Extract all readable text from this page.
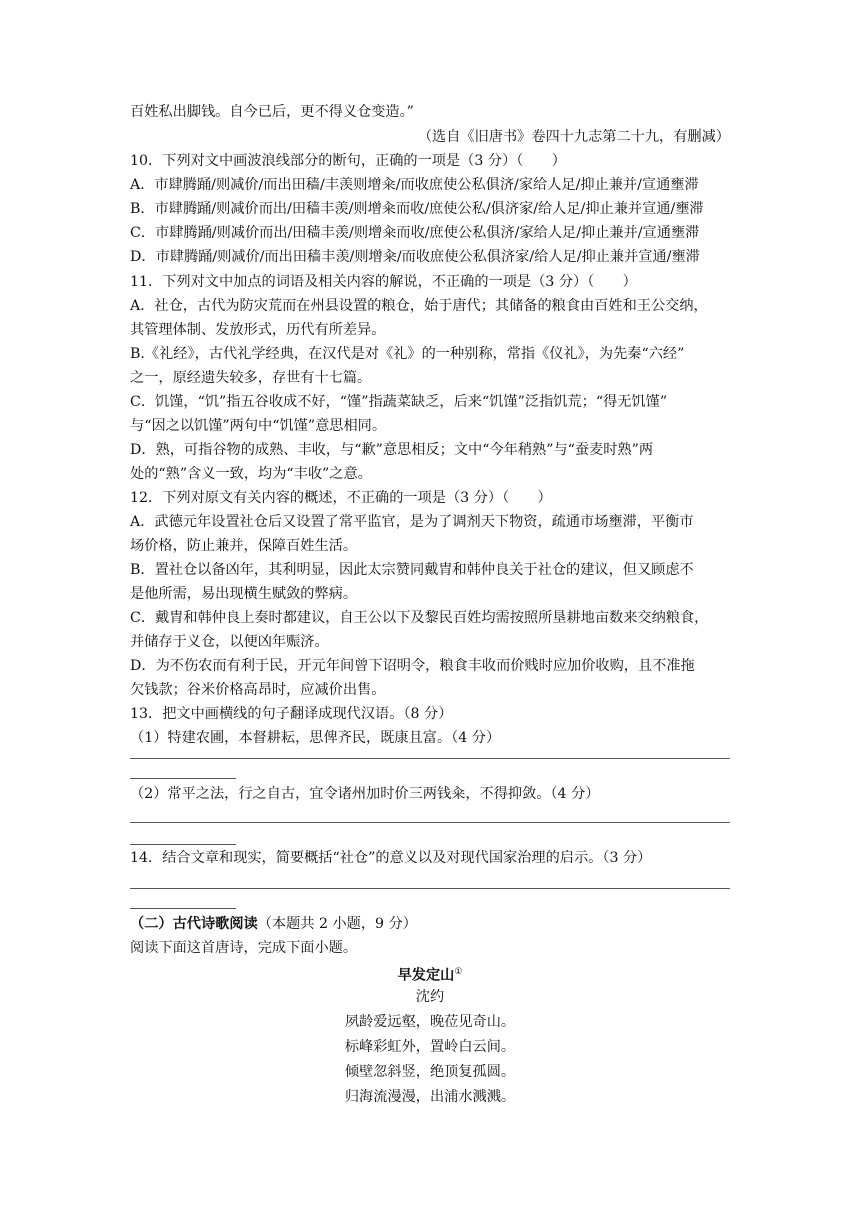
百姓私出脚钱。自今已后，更不得义仓变造。”
（选自《旧唐书》卷四十九志第二十九，有删减）
10．下列对文中画波浪线部分的断句，正确的一项是（3 分）（　　）
A．市肆腾踊/则减价/而出田穑/丰羡则增籴/而收庶使公私俱济/家给人足/抑止兼并/宣通壅滞
B．市肆腾踊/则减价而出/田穑丰羡/则增籴而收/庶使公私/俱济家/给人足/抑止兼并宣通/壅滞
C．市肆腾踊/则减价而出/田穑丰羡/则增籴而收/庶使公私俱济/家给人足/抑止兼并/宣通壅滞
D．市肆腾踊/则减价/而出田穑丰羡/则增籴/而收庶使公私俱济家/给人足/抑止兼并宣通/壅滞
11．下列对文中加点的词语及相关内容的解说，不正确的一项是（3 分）（　　）
A．社仓，古代为防灾荒而在州县设置的粮仓，始于唐代；其储备的粮食由百姓和王公交纳，
其管理体制、发放形式，历代有所差异。
B.《礼经》，古代礼学经典，在汉代是对《礼》的一种别称，常指《仪礼》，为先秦“六经”
之一，原经遗失较多，存世有十七篇。
C．饥馑，“饥”指五谷收成不好，“馑”指蔬菜缺乏，后来“饥馑”泛指饥荒；“得无饥馑”
与“因之以饥馑”两句中“饥馑”意思相同。
D．熟，可指谷物的成熟、丰收，与“歉”意思相反；文中“今年稍熟”与“蚕麦时熟”两
处的“熟”含义一致，均为“丰收”之意。
12．下列对原文有关内容的概述，不正确的一项是（3 分）（　　）
A．武德元年设置社仓后又设置了常平监官，是为了调剂天下物资，疏通市场壅滞，平衡市
场价格，防止兼并，保障百姓生活。
B．置社仓以备凶年，其利明显，因此太宗赞同戴胄和韩仲良关于社仓的建议，但又顾虑不
是他所需，易出现横生赋敛的弊病。
C．戴胄和韩仲良上奏时都建议，自王公以下及黎民百姓均需按照所垦耕地亩数来交纳粮食，
并储存于义仓，以便凶年赈济。
D．为不伤农而有利于民，开元年间曾下诏明令，粮食丰收而价贱时应加价收购，且不准拖
欠钱款；谷米价格高昂时，应减价出售。
13．把文中画横线的句子翻译成现代汉语。（8 分）
（1）特建农圃，本督耕耘，思俾齐民，既康且富。（4 分）
（2）常平之法，行之自古，宜令诸州加时价三两钱籴，不得抑敛。（4 分）
14．结合文章和现实，简要概括“社仓”的意义以及对现代国家治理的启示。（3 分）
（二）古代诗歌阅读（本题共 2 小题，9 分）
阅读下面这首唐诗，完成下面小题。
早发定山①
沈约
夙龄爱远壑，晚莅见奇山。
标峰彩虹外，置岭白云间。
倾壁忽斜竖，绝顶复孤圆。
归海流漫漫，出浦水溅溅。
